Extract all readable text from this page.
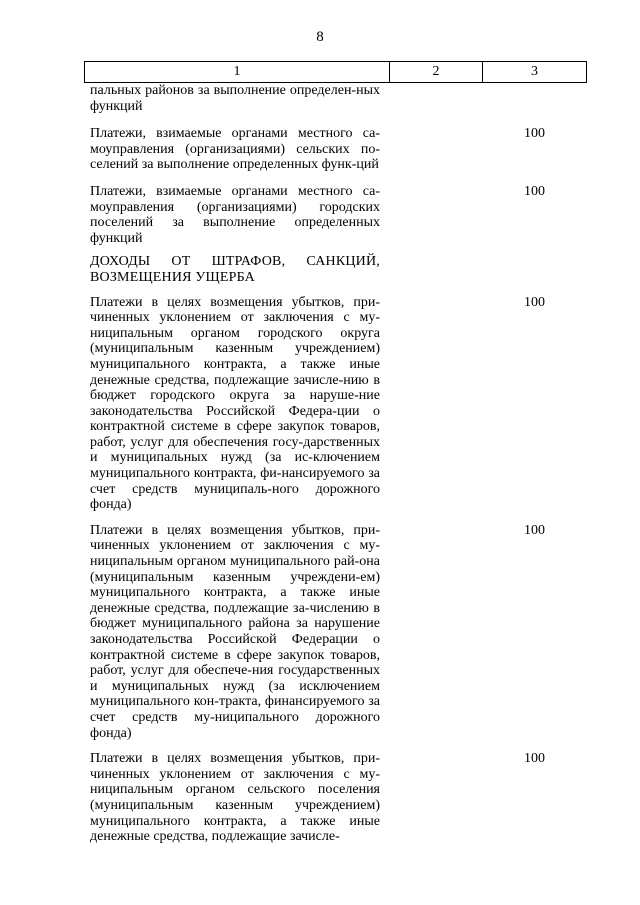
8
1	2	3
пальных районов за выполнение определен-ных функций
Платежи, взимаемые органами местного са-моуправления (организациями) сельских по-селений за выполнение определенных функ-ций
100
Платежи, взимаемые органами местного са-моуправления (организациями) городских поселений за выполнение определенных функций
100
ДОХОДЫ ОТ ШТРАФОВ, САНКЦИЙ, ВОЗМЕЩЕНИЯ УЩЕРБА
Платежи в целях возмещения убытков, при-чиненных уклонением от заключения с му-ниципальным органом городского округа (муниципальным казенным учреждением) муниципального контракта, а также иные денежные средства, подлежащие зачисле-нию в бюджет городского округа за наруше-ние законодательства Российской Федера-ции о контрактной системе в сфере закупок товаров, работ, услуг для обеспечения госу-дарственных и муниципальных нужд (за ис-ключением муниципального контракта, фи-нансируемого за счет средств муниципаль-ного дорожного фонда)
100
Платежи в целях возмещения убытков, при-чиненных уклонением от заключения с му-ниципальным органом муниципального рай-она (муниципальным казенным учреждени-ем) муниципального контракта, а также иные денежные средства, подлежащие за-числению в бюджет муниципального района за нарушение законодательства Российской Федерации о контрактной системе в сфере закупок товаров, работ, услуг для обеспече-ния государственных и муниципальных нужд (за исключением муниципального кон-тракта, финансируемого за счет средств му-ниципального дорожного фонда)
100
Платежи в целях возмещения убытков, при-чиненных уклонением от заключения с му-ниципальным органом сельского поселения (муниципальным казенным учреждением) муниципального контракта, а также иные денежные средства, подлежащие зачисле-
100
